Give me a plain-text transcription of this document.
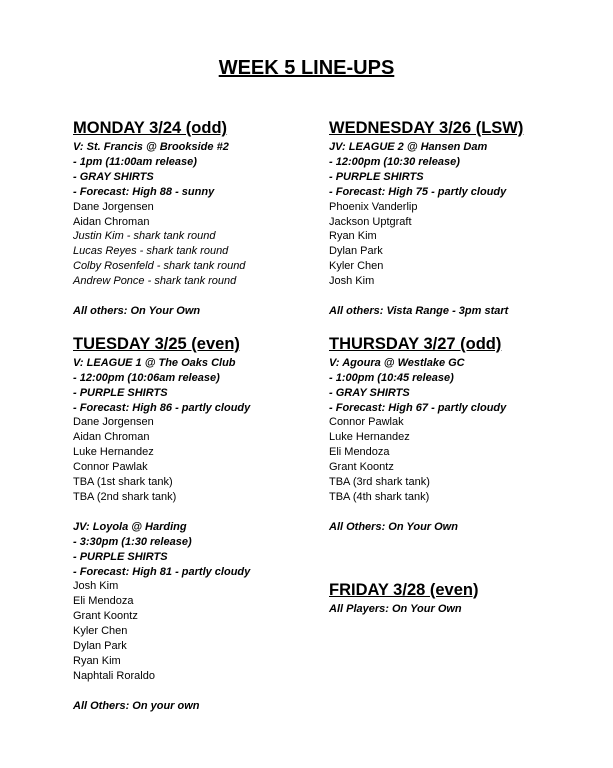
WEEK 5 LINE-UPS
MONDAY 3/24 (odd)
V: St. Francis @ Brookside #2
- 1pm (11:00am release)
- GRAY SHIRTS
- Forecast: High 88 - sunny
Dane Jorgensen
Aidan Chroman
Justin Kim - shark tank round
Lucas Reyes - shark tank round
Colby Rosenfeld - shark tank round
Andrew Ponce - shark tank round
All others: On Your Own
TUESDAY 3/25 (even)
V: LEAGUE 1 @ The Oaks Club
- 12:00pm (10:06am release)
- PURPLE SHIRTS
- Forecast: High 86 - partly cloudy
Dane Jorgensen
Aidan Chroman
Luke Hernandez
Connor Pawlak
TBA (1st shark tank)
TBA (2nd shark tank)
JV: Loyola @ Harding
- 3:30pm (1:30 release)
- PURPLE SHIRTS
- Forecast: High 81 - partly cloudy
Josh Kim
Eli Mendoza
Grant Koontz
Kyler Chen
Dylan Park
Ryan Kim
Naphtali Roraldo
All Others: On your own
WEDNESDAY 3/26 (LSW)
JV: LEAGUE 2 @ Hansen Dam
- 12:00pm (10:30 release)
- PURPLE SHIRTS
- Forecast: High 75 - partly cloudy
Phoenix Vanderlip
Jackson Uptgraft
Ryan Kim
Dylan Park
Kyler Chen
Josh Kim
All others: Vista Range - 3pm start
THURSDAY 3/27 (odd)
V: Agoura @ Westlake GC
- 1:00pm (10:45 release)
- GRAY SHIRTS
- Forecast: High 67 - partly cloudy
Connor Pawlak
Luke Hernandez
Eli Mendoza
Grant Koontz
TBA (3rd shark tank)
TBA (4th shark tank)
All Others: On Your Own
FRIDAY 3/28 (even)
All Players: On Your Own
